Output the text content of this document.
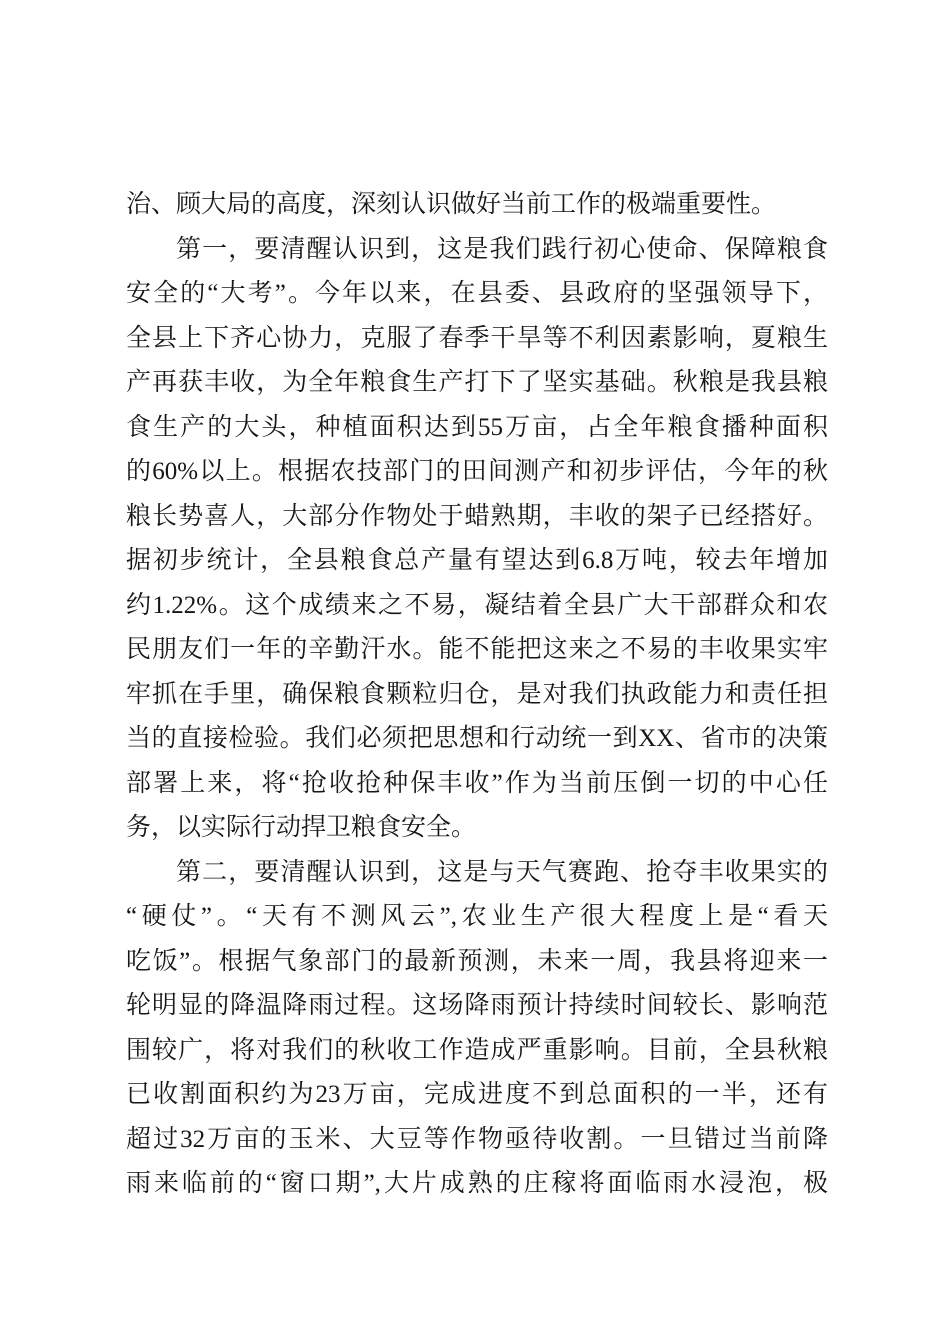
治、顾大局的高度，深刻认识做好当前工作的极端重要性。
第一，要清醒认识到，这是我们践行初心使命、保障粮食
安全的“大考”。今年以来，在县委、县政府的坚强领导下，
全县上下齐心协力，克服了春季干旱等不利因素影响，夏粮生
产再获丰收，为全年粮食生产打下了坚实基础。秋粮是我县粮
食生产的大头，种植面积达到55万亩，占全年粮食播种面积
的60%以上。根据农技部门的田间测产和初步评估，今年的秋
粮长势喜人，大部分作物处于蜡熟期，丰收的架子已经搭好。
据初步统计，全县粮食总产量有望达到6.8万吨，较去年增加
约1.22%。这个成绩来之不易，凝结着全县广大干部群众和农
民朋友们一年的辛勤汗水。能不能把这来之不易的丰收果实牢
牢抓在手里，确保粮食颗粒归仓，是对我们执政能力和责任担
当的直接检验。我们必须把思想和行动统一到XX、省市的决策
部署上来，将“抢收抢种保丰收”作为当前压倒一切的中心任
务，以实际行动捍卫粮食安全。
第二，要清醒认识到，这是与天气赛跑、抢夺丰收果实的
“硬仗”。“天有不测风云”,农业生产很大程度上是“看天
吃饭”。根据气象部门的最新预测，未来一周，我县将迎来一
轮明显的降温降雨过程。这场降雨预计持续时间较长、影响范
围较广，将对我们的秋收工作造成严重影响。目前，全县秋粮
已收割面积约为23万亩，完成进度不到总面积的一半，还有
超过32万亩的玉米、大豆等作物亟待收割。一旦错过当前降
雨来临前的“窗口期”,大片成熟的庄稼将面临雨水浸泡，极
